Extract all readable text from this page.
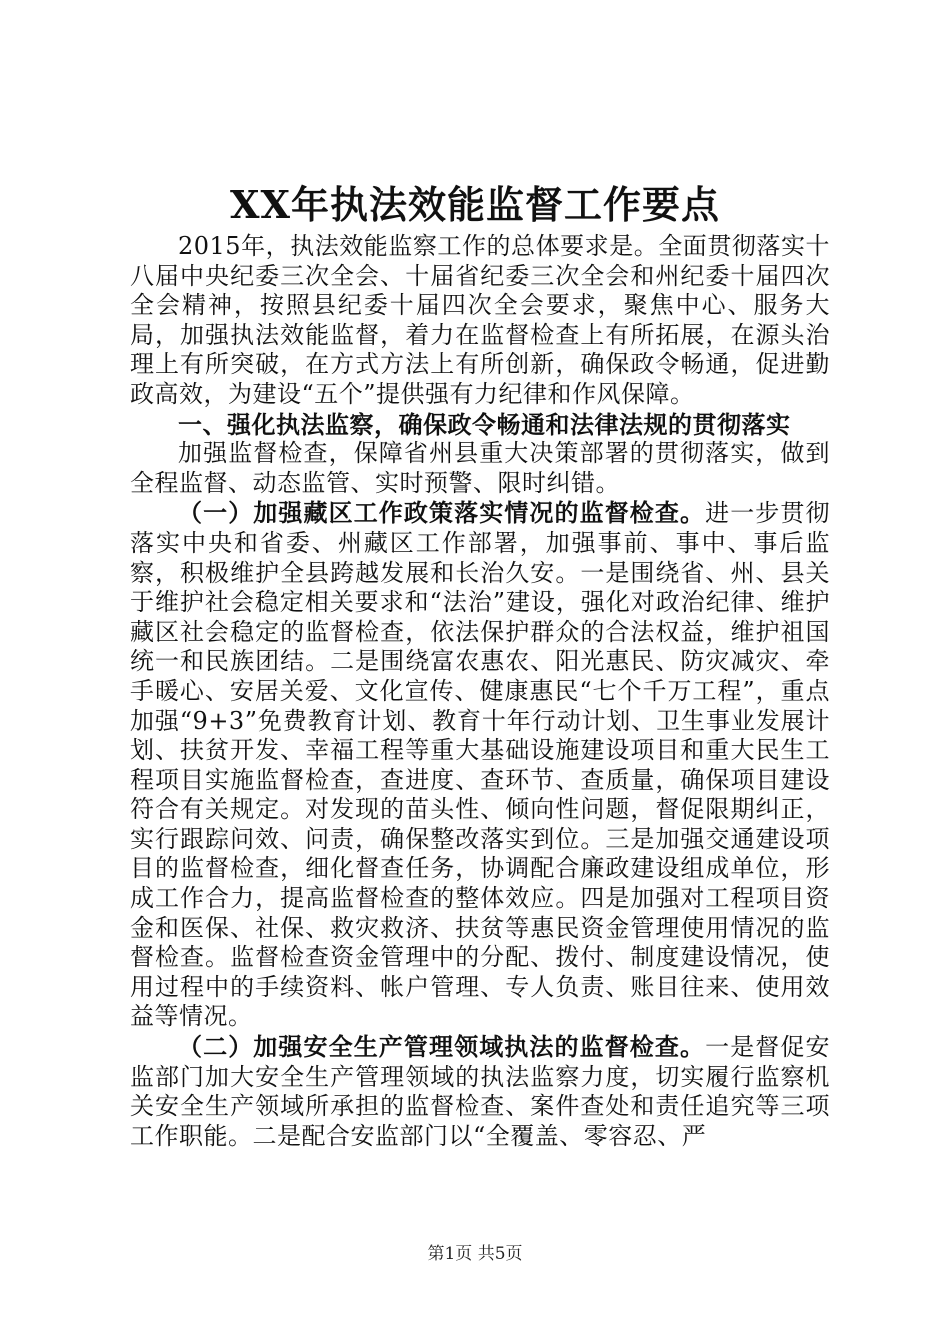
XX年执法效能监督工作要点

2015年，执法效能监察工作的总体要求是。全面贯彻落实十八届中央纪委三次全会、十届省纪委三次全会和州纪委十届四次全会精神，按照县纪委十届四次全会要求，聚焦中心、服务大局，加强执法效能监督，着力在监督检查上有所拓展，在源头治理上有所突破，在方式方法上有所创新，确保政令畅通，促进勤政高效，为建设“五个”提供强有力纪律和作风保障。

一、强化执法监察，确保政令畅通和法律法规的贯彻落实

加强监督检查，保障省州县重大决策部署的贯彻落实，做到全程监督、动态监管、实时预警、限时纠错。

（一）加强藏区工作政策落实情况的监督检查。进一步贯彻落实中央和省委、州藏区工作部署，加强事前、事中、事后监察，积极维护全县跨越发展和长治久安。一是围绕省、州、县关于维护社会稳定相关要求和“法治”建设，强化对政治纪律、维护藏区社会稳定的监督检查，依法保护群众的合法权益，维护祖国统一和民族团结。二是围绕富农惠农、阳光惠民、防灾减灾、牵手暖心、安居关爱、文化宣传、健康惠民“七个千万工程”，重点加强“9+3”免费教育计划、教育十年行动计划、卫生事业发展计划、扶贫开发、幸福工程等重大基础设施建设项目和重大民生工程项目实施监督检查，查进度、查环节、查质量，确保项目建设符合有关规定。对发现的苗头性、倾向性问题，督促限期纠正，实行跟踪问效、问责，确保整改落实到位。三是加强交通建设项目的监督检查，细化督查任务，协调配合廉政建设组成单位，形成工作合力，提高监督检查的整体效应。四是加强对工程项目资金和医保、社保、救灾救济、扶贫等惠民资金管理使用情况的监督检查。监督检查资金管理中的分配、拨付、制度建设情况，使用过程中的手续资料、帐户管理、专人负责、账目往来、使用效益等情况。

（二）加强安全生产管理领域执法的监督检查。一是督促安监部门加大安全生产管理领域的执法监察力度，切实履行监察机关安全生产领域所承担的监督检查、案件查处和责任追究等三项工作职能。二是配合安监部门以“全覆盖、零容忍、严

第1页 共5页
